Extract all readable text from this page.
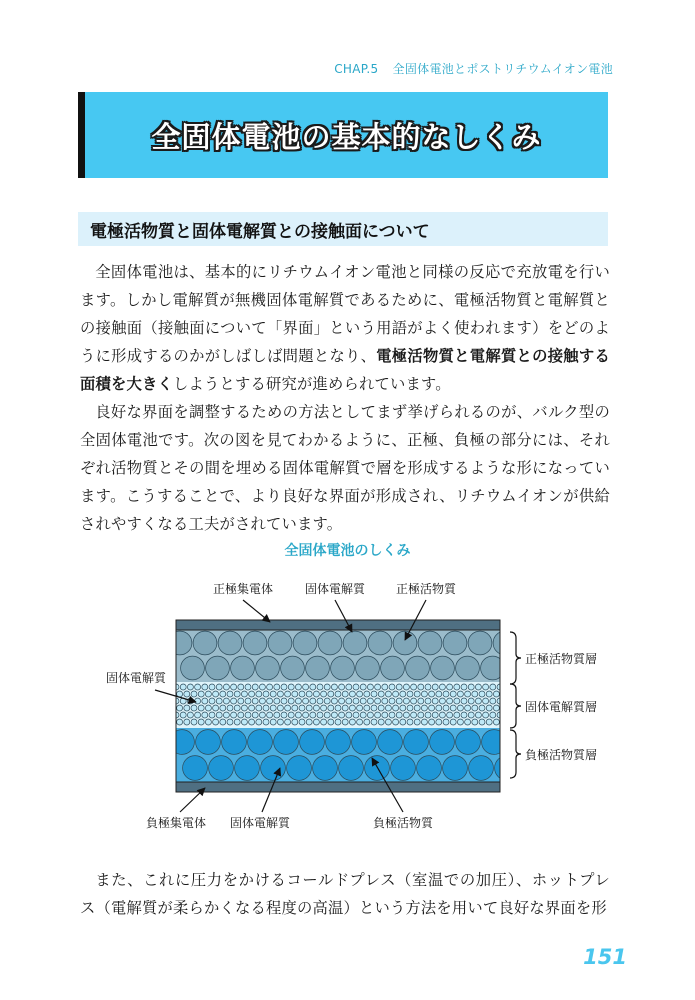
CHAP.5 全固体電池とポストリチウムイオン電池
全固体電池の基本的なしくみ
電極活物質と固体電解質との接触面について

全固体電池は、基本的にリチウムイオン電池と同様の反応で充放電を行います。しかし電解質が無機固体電解質であるために、電極活物質と電解質との接触面（接触面について「界面」という用語がよく使われます）をどのように形成するのかがしばしば問題となり、電極活物質と電解質との接触する面積を大きくしようとする研究が進められています。

良好な界面を調整するための方法としてまず挙げられるのが、バルク型の全固体電池です。次の図を見てわかるように、正極、負極の部分には、それぞれ活物質とその間を埋める固体電解質で層を形成するような形になっています。こうすることで、より良好な界面が形成され、リチウムイオンが供給されやすくなる工夫がされています。

全固体電池のしくみ
正極集電体	固体電解質	正極活物質
固体電解質
正極活物質層
固体電解質層
負極活物質層
負極集電体 固体電解質	負極活物質

また、これに圧力をかけるコールドプレス（室温での加圧）、ホットプレス（電解質が柔らかくなる程度の高温）という方法を用いて良好な界面を形

151
